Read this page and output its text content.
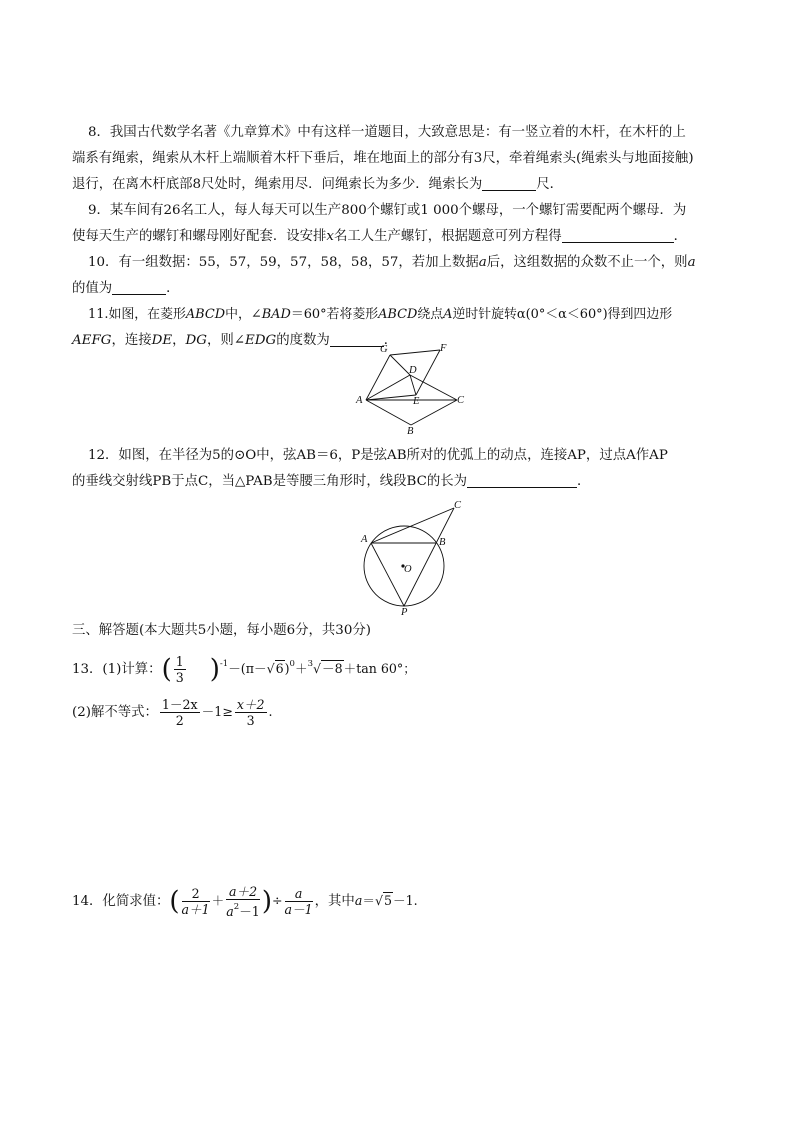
8．我国古代数学名著《九章算术》中有这样一道题目，大致意思是：有一竖立着的木杆，在木杆的上
端系有绳索，绳索从木杆上端顺着木杆下垂后，堆在地面上的部分有3尺，牵着绳索头(绳索头与地面接触)
退行，在离木杆底部8尺处时，绳索用尽．问绳索长为多少．绳索长为	尺．
9．某车间有26名工人，每人每天可以生产800个螺钉或1 000个螺母，一个螺钉需要配两个螺母．为
使每天生产的螺钉和螺母刚好配套．设安排x名工人生产螺钉，根据题意可列方程得	．
10．有一组数据：55，57，59，57，58，58，57，若加上数据a后，这组数据的众数不止一个，则a
的值为	．
11.如图，在菱形ABCD中，∠BAD＝60°若将菱形ABCD绕点A逆时针旋转α(0°＜α＜60°)得到四边形
AEFG，连接DE，DG，则∠EDG的度数为	．
G	F
D
A	E	C
B
12．如图，在半径为5的⊙O中，弦AB＝6，P是弦AB所对的优弧上的动点，连接AP，过点A作AP
的垂线交射线PB于点C，当△PAB是等腰三角形时，线段BC的长为	．
C
A	B
O
P
三、解答题(本大题共5小题，每小题6分，共30分)
13．(1)计算：( $\frac{1}{3} )^{-1}-(\pi-√6)^0+^3√-8+\tan$ 60°；
(2)解不等式： $\frac{1-2x}{2} -1\ge \frac{x+2}{3}$ .
14．化简求值：( $\frac{2}{a+1} + \frac{a+2}{a^2-1}$ )÷ $\frac{a}{a-1}$ ，其中a＝√5－1.
